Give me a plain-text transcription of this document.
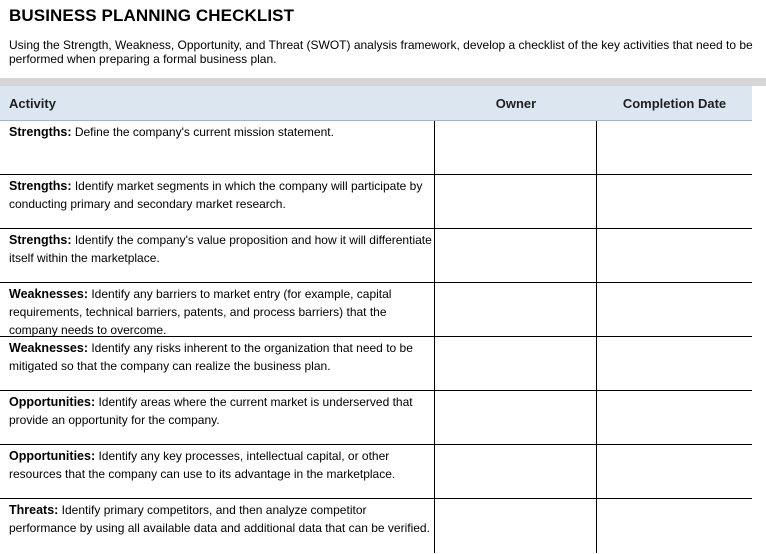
BUSINESS PLANNING CHECKLIST
Using the Strength, Weakness, Opportunity, and Threat (SWOT) analysis framework, develop a checklist of the key activities that need to be performed when preparing a formal business plan.
Activity	Owner	Completion Date
Strengths: Define the company's current mission statement.
Strengths: Identify market segments in which the company will participate by conducting primary and secondary market research.
Strengths: Identify the company's value proposition and how it will differentiate itself within the marketplace.
Weaknesses: Identify any barriers to market entry (for example, capital requirements, technical barriers, patents, and process barriers) that the company needs to overcome.
Weaknesses: Identify any risks inherent to the organization that need to be mitigated so that the company can realize the business plan.
Opportunities: Identify areas where the current market is underserved that provide an opportunity for the company.
Opportunities: Identify any key processes, intellectual capital, or other resources that the company can use to its advantage in the marketplace.
Threats: Identify primary competitors, and then analyze competitor performance by using all available data and additional data that can be verified.
